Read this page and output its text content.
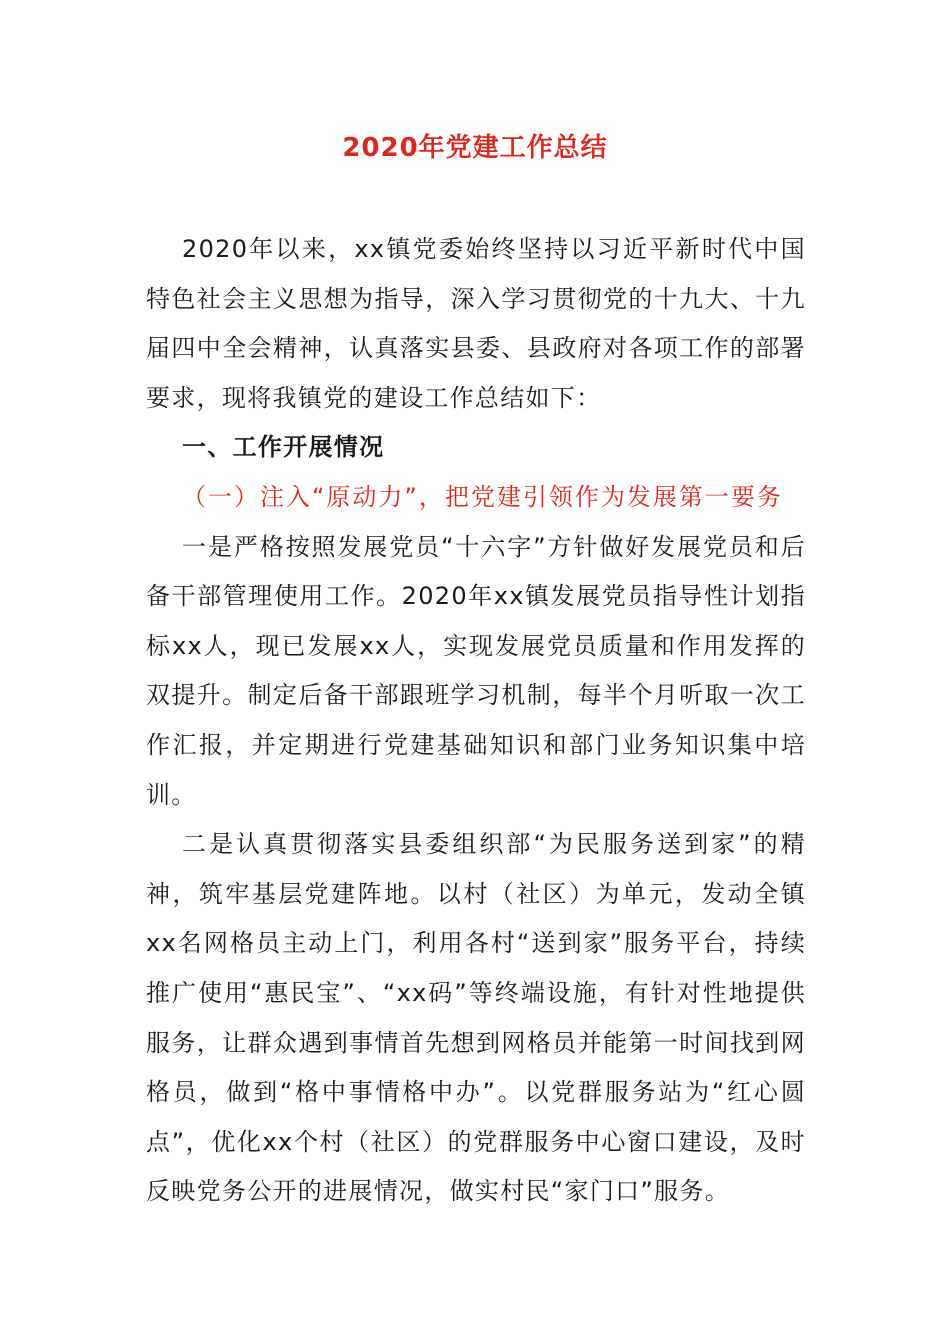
2020年党建工作总结

2020年以来，xx镇党委始终坚持以习近平新时代中国特色社会主义思想为指导，深入学习贯彻党的十九大、十九届四中全会精神，认真落实县委、县政府对各项工作的部署要求，现将我镇党的建设工作总结如下：

一、工作开展情况

（一）注入“原动力”，把党建引领作为发展第一要务

一是严格按照发展党员“十六字”方针做好发展党员和后备干部管理使用工作。2020年xx镇发展党员指导性计划指标xx人，现已发展xx人，实现发展党员质量和作用发挥的双提升。制定后备干部跟班学习机制，每半个月听取一次工作汇报，并定期进行党建基础知识和部门业务知识集中培训。

二是认真贯彻落实县委组织部“为民服务送到家”的精神，筑牢基层党建阵地。以村（社区）为单元，发动全镇xx名网格员主动上门，利用各村“送到家”服务平台，持续推广使用“惠民宝”、“xx码”等终端设施，有针对性地提供服务，让群众遇到事情首先想到网格员并能第一时间找到网格员，做到“格中事情格中办”。以党群服务站为“红心圆点”，优化xx个村（社区）的党群服务中心窗口建设，及时反映党务公开的进展情况，做实村民“家门口”服务。
